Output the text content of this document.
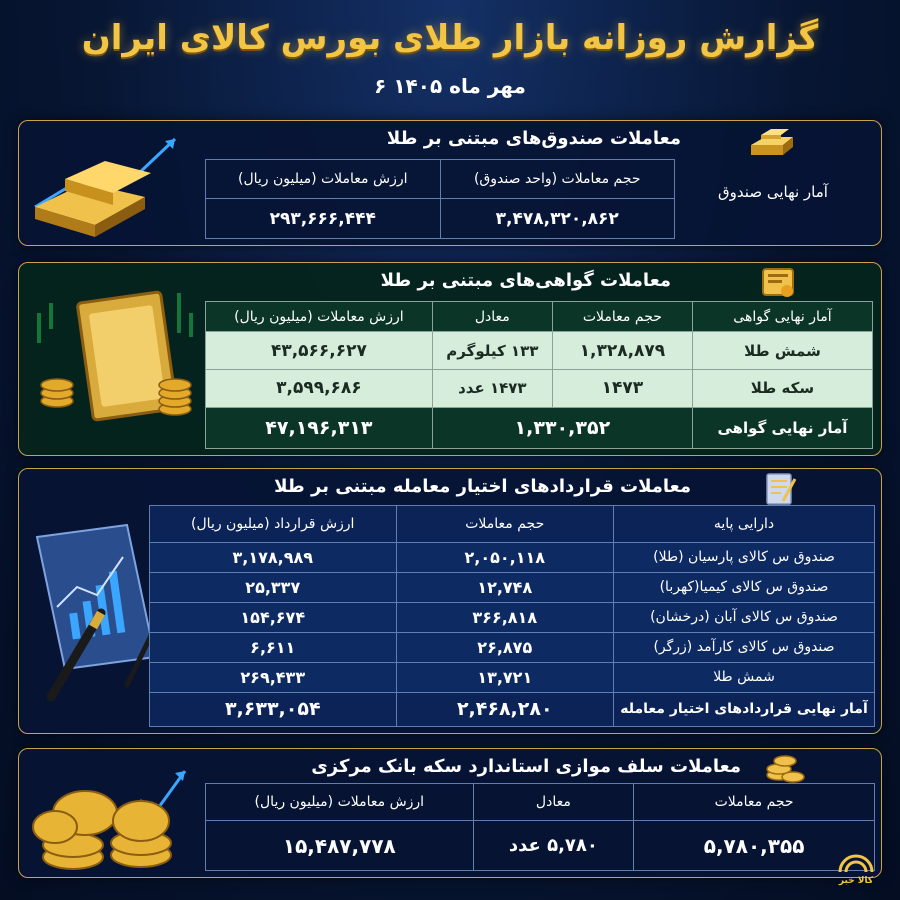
گزارش روزانه بازار طلای بورس کالای ایران
۶ مهر ماه ۱۴۰۵
معاملات صندوق‌های مبتنی بر طلا
حجم معاملات (واحد صندوق)	ارزش معاملات (میلیون ریال)
۳,۴۷۸,۳۲۰,۸۶۲	۲۹۳,۶۶۶,۴۴۴
آمار نهایی صندوق
معاملات گواهی‌های مبتنی بر طلا
آمار نهایی گواهی	حجم معاملات	معادل	ارزش معاملات (میلیون ریال)
شمش طلا	۱,۳۲۸,۸۷۹	۱۳۳ کیلوگرم	۴۳,۵۶۶,۶۲۷
سکه طلا	۱۴۷۳	۱۴۷۳ عدد	۳,۵۹۹,۶۸۶
آمار نهایی گواهی	۱,۳۳۰,۳۵۲		۴۷,۱۹۶,۳۱۳
معاملات قراردادهای اختیار معامله مبتنی بر طلا
دارایی پایه	حجم معاملات	ارزش قرارداد (میلیون ریال)
صندوق س کالای پارسیان (طلا)	۲,۰۵۰,۱۱۸	۳,۱۷۸,۹۸۹
صندوق س کالای کیمیا(کهربا)	۱۲,۷۴۸	۲۵,۳۳۷
صندوق س کالای آبان (درخشان)	۳۶۶,۸۱۸	۱۵۴,۶۷۴
صندوق س کالای کارآمد (زرگر)	۲۶,۸۷۵	۶,۶۱۱
شمش طلا	۱۳,۷۲۱	۲۶۹,۴۳۳
آمار نهایی قراردادهای اختیار معامله	۲,۴۶۸,۲۸۰	۳,۶۳۳,۰۵۴
معاملات سلف موازی استاندارد سکه بانک مرکزی
حجم معاملات	معادل	ارزش معاملات (میلیون ریال)
۵,۷۸۰,۳۵۵	۵,۷۸۰ عدد	۱۵,۴۸۷,۷۷۸
کالا خبر
